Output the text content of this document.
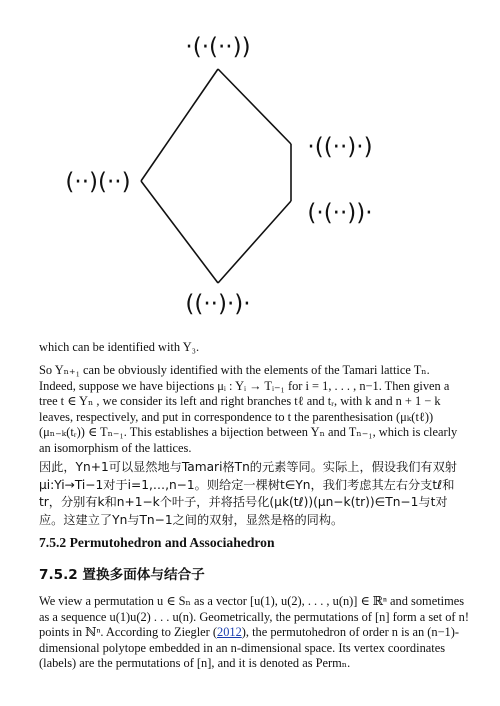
·(·(··))
(··)(··)
·((··)·)
(·(··))·
((··)·)·

which can be identified with Y₃.

So Yₙ₊₁ can be obviously identified with the elements of the Tamari lattice Tₙ. Indeed, suppose we have bijections μᵢ : Yᵢ → Tᵢ₋₁ for i = 1, . . . , n−1. Then given a tree t ∈ Yₙ , we consider its left and right branches tℓ and tᵣ, with k and n + 1 − k leaves, respectively, and put in correspondence to t the parenthesisation (μₖ(tℓ))(μₙ₋ₖ(tᵣ)) ∈ Tₙ₋₁. This establishes a bijection between Yₙ and Tₙ₋₁, which is clearly an isomorphism of the lattices.

因此，Yn+1可以显然地与Tamari格Tn的元素等同。实际上，假设我们有双射μi:Yi→Ti−1对于i=1,…,n−1。则给定一棵树t∈Yn，我们考虑其左右分支tℓ和tr，分别有k和n+1−k个叶子，并将括号化(μk(tℓ))(μn−k(tr))∈Tn−1与t对应。这建立了Yn与Tn−1之间的双射，显然是格的同构。

7.5.2 Permutohedron and Associahedron
7.5.2 置换多面体与结合子

We view a permutation u ∈ Sₙ as a vector [u(1), u(2), . . . , u(n)] ∈ ℝⁿ and sometimes as a sequence u(1)u(2) . . . u(n). Geometrically, the permutations of [n] form a set of n! points in ℕⁿ. According to Ziegler (2012), the permutohedron of order n is an (n−1)-dimensional polytope embedded in an n-dimensional space. Its vertex coordinates (labels) are the permutations of [n], and it is denoted as Permₙ.
